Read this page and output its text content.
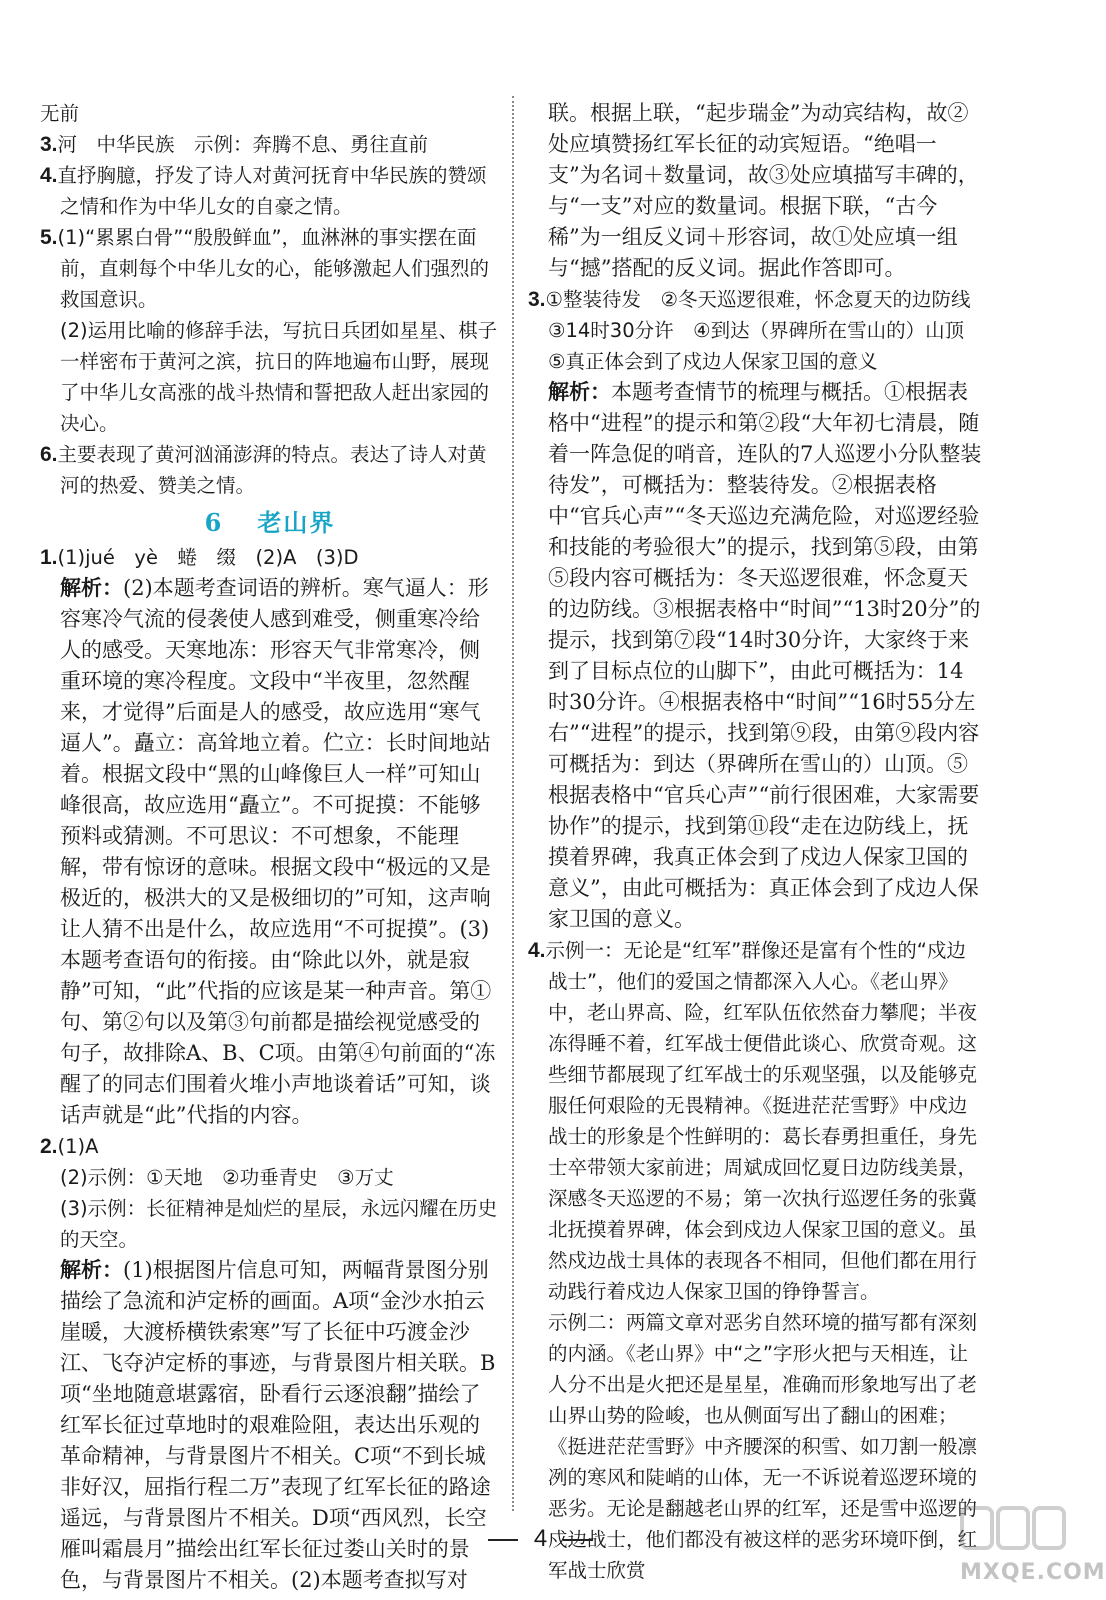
无前

3.河　中华民族　示例：奔腾不息、勇往直前

4.直抒胸臆，抒发了诗人对黄河抚育中华民族的赞颂之情和作为中华儿女的自豪之情。

5.(1)“累累白骨”“殷殷鲜血”，血淋淋的事实摆在面前，直刺每个中华儿女的心，能够激起人们强烈的救国意识。

(2)运用比喻的修辞手法，写抗日兵团如星星、棋子一样密布于黄河之滨，抗日的阵地遍布山野，展现了中华儿女高涨的战斗热情和誓把敌人赶出家园的决心。

6.主要表现了黄河汹涌澎湃的特点。表达了诗人对黄河的热爱、赞美之情。

6 老山界

1.(1)jué　yè　蜷　缀　(2)A　(3)D

解析：(2)本题考查词语的辨析。寒气逼人：形容寒冷气流的侵袭使人感到难受，侧重寒冷给人的感受。天寒地冻：形容天气非常寒冷，侧重环境的寒冷程度。文段中“半夜里，忽然醒来，才觉得”后面是人的感受，故应选用“寒气逼人”。矗立：高耸地立着。伫立：长时间地站着。根据文段中“黑的山峰像巨人一样”可知山峰很高，故应选用“矗立”。不可捉摸：不能够预料或猜测。不可思议：不可想象，不能理解，带有惊讶的意味。根据文段中“极远的又是极近的，极洪大的又是极细切的”可知，这声响让人猜不出是什么，故应选用“不可捉摸”。(3)本题考查语句的衔接。由“除此以外，就是寂静”可知，“此”代指的应该是某一种声音。第①句、第②句以及第③句前都是描绘视觉感受的句子，故排除A、B、C项。由第④句前面的“冻醒了的同志们围着火堆小声地谈着话”可知，谈话声就是“此”代指的内容。

2.(1)A

(2)示例：①天地　②功垂青史　③万丈

(3)示例：长征精神是灿烂的星辰，永远闪耀在历史的天空。

解析：(1)根据图片信息可知，两幅背景图分别描绘了急流和泸定桥的画面。A项“金沙水拍云崖暖，大渡桥横铁索寒”写了长征中巧渡金沙江、飞夺泸定桥的事迹，与背景图片相关联。B项“坐地随意堪露宿，卧看行云逐浪翻”描绘了红军长征过草地时的艰难险阻，表达出乐观的革命精神，与背景图片不相关。C项“不到长城非好汉，屈指行程二万”表现了红军长征的路途遥远，与背景图片不相关。D项“西风烈，长空雁叫霜晨月”描绘出红军长征过娄山关时的景色，与背景图片不相关。(2)本题考查拟写对

联。根据上联，“起步瑞金”为动宾结构，故②处应填赞扬红军长征的动宾短语。“绝唱一支”为名词＋数量词，故③处应填描写丰碑的，与“一支”对应的数量词。根据下联，“古今稀”为一组反义词＋形容词，故①处应填一组与“撼”搭配的反义词。据此作答即可。

3.①整装待发　②冬天巡逻很难，怀念夏天的边防线

③14时30分许　④到达（界碑所在雪山的）山顶

⑤真正体会到了戍边人保家卫国的意义

解析：本题考查情节的梳理与概括。①根据表格中“进程”的提示和第②段“大年初七清晨，随着一阵急促的哨音，连队的7人巡逻小分队整装待发”，可概括为：整装待发。②根据表格中“官兵心声”“冬天巡边充满危险，对巡逻经验和技能的考验很大”的提示，找到第⑤段，由第⑤段内容可概括为：冬天巡逻很难，怀念夏天的边防线。③根据表格中“时间”“13时20分”的提示，找到第⑦段“14时30分许，大家终于来到了目标点位的山脚下”，由此可概括为：14时30分许。④根据表格中“时间”“16时55分左右”“进程”的提示，找到第⑨段，由第⑨段内容可概括为：到达（界碑所在雪山的）山顶。⑤根据表格中“官兵心声”“前行很困难，大家需要协作”的提示，找到第⑪段“走在边防线上，抚摸着界碑，我真正体会到了戍边人保家卫国的意义”，由此可概括为：真正体会到了戍边人保家卫国的意义。

4.示例一：无论是“红军”群像还是富有个性的“戍边战士”，他们的爱国之情都深入人心。《老山界》中，老山界高、险，红军队伍依然奋力攀爬；半夜冻得睡不着，红军战士便借此谈心、欣赏奇观。这些细节都展现了红军战士的乐观坚强，以及能够克服任何艰险的无畏精神。《挺进茫茫雪野》中戍边战士的形象是个性鲜明的：葛长春勇担重任，身先士卒带领大家前进；周斌成回忆夏日边防线美景，深感冬天巡逻的不易；第一次执行巡逻任务的张冀北抚摸着界碑，体会到戍边人保家卫国的意义。虽然戍边战士具体的表现各不相同，但他们都在用行动践行着戍边人保家卫国的铮铮誓言。

示例二：两篇文章对恶劣自然环境的描写都有深刻的内涵。《老山界》中“之”字形火把与天相连，让人分不出是火把还是星星，准确而形象地写出了老山界山势的险峻，也从侧面写出了翻山的困难；《挺进茫茫雪野》中齐腰深的积雪、如刀割一般凛冽的寒风和陡峭的山体，无一不诉说着巡逻环境的恶劣。无论是翻越老山界的红军，还是雪中巡逻的戍边战士，他们都没有被这样的恶劣环境吓倒，红军战士欣赏

4
MXQE.COM
